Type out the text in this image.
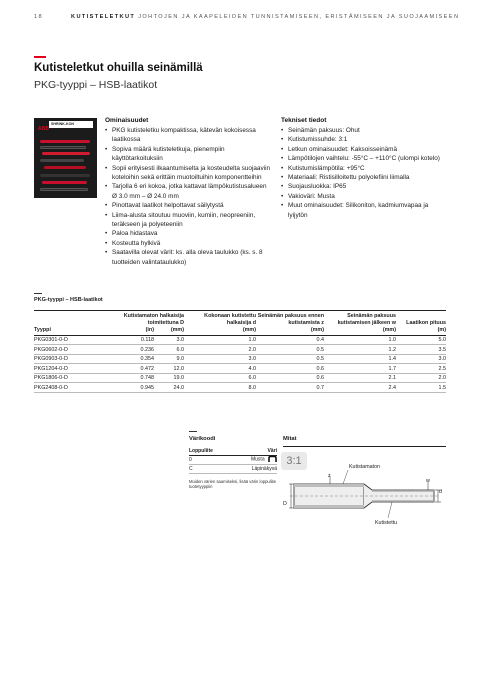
18	KUTISTELETKUT JOHTOJEN JA KAAPELEIDEN TUNNISTAMISEEN, ERISTÄMISEEN JA SUOJAAMISEEN
Kutisteletkut ohuilla seinämillä
PKG-tyyppi – HSB-laatikot
ABB
SHRINK-KON	Ominaisuudet
• PKG kutisteletku kompaktissa, kätevän kokoisessa laatikossa
• Sopiva määrä kutisteletkuja, pienempiin käyttötarkoituksiin
• Sopii erityisesti ilkaantumiselta ja kosteudelta suojaaviin koteloihin sekä erittäin muotoiltuihin komponentteihin
• Tarjolla 6 eri kokoa, jotka kattavat lämpökutistusalueen Ø 3.0 mm – Ø 24.0 mm
• Pinottavat laatikot helpottavat säilytystä
• Liima-alusta sitoutuu muoviin, kumiin, neopreeniin, teräkseen ja polyeteeniin
• Paloa hidastava
• Kosteutta hylkivä
• Saatavilla olevat värit: ks. alla oleva taulukko (ks. s. 8 tuotteiden valintataulukko)
Tekniset tiedot
• Seinämän paksuus: Ohut
• Kutistumissuhde: 3:1
• Letkun ominaisuudet: Kaksoisseinämä
• Lämpötilojen vaihtelu: -55°C – +110°C (ulompi kotelo)
• Kutistumislämpötila: +95°C
• Materiaali: Ristisilloitettu polyolefiini liimalla
• Suojausluokka: IP65
• Vakioväri: Musta
• Muut ominaisuudet: Silikoniton, kadmiumvapaa ja lyijytön
PKG-tyyppi – HSB-laatikot
Tyyppi	Kutistamaton halkaisija toimitettuna D		Kokonaan kutistettu halkaisija d	Seinämän paksuus ennen kutistamista z	Seinämän paksuus kutistamisen jälkeen w	Laatikon pituus
	(in)	(mm)	(mm)	(mm)	(mm)	(m)
PKG0301-0-D	0.118	3.0	1.0	0.4	1.0	5.0
PKG0602-0-D	0.236	6.0	2.0	0.5	1.2	3.5
PKG0903-0-D	0.354	9.0	3.0	0.5	1.4	3.0
PKG1204-0-D	0.472	12.0	4.0	0.6	1.7	2.5
PKG1806-0-D	0.748	19.0	6.0	0.6	2.1	2.0
PKG2408-0-D	0.945	24.0	8.0	0.7	2.4	1.5
Värikoodi
Loppuliite	Väri
0	Musta
C	Läpinäkyvä
Muiden värien saamiseksi, lisää värin loppuliite tuotetyyppiin
Mitat
3:1	Kutistamaton
z
w
D
d
Kutistettu
